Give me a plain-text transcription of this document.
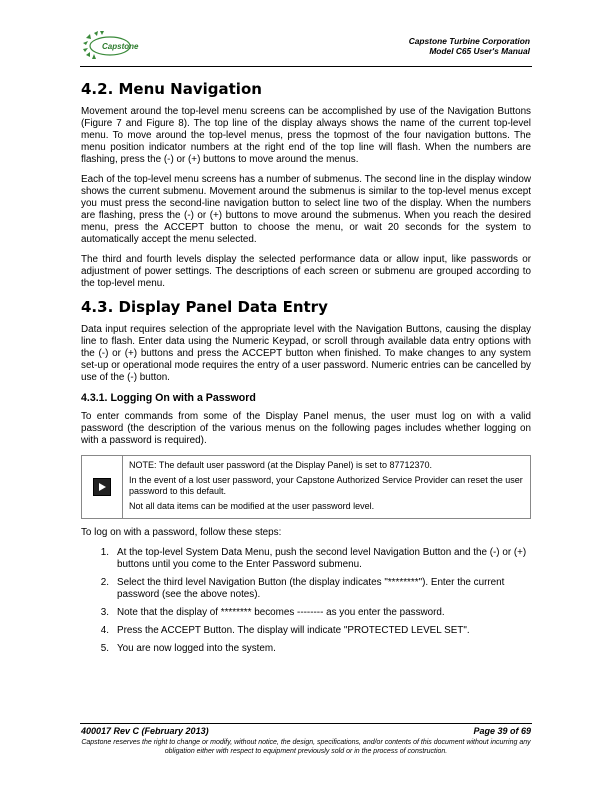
Capstone
Capstone Turbine Corporation
Model C65 User's Manual
4.2. Menu Navigation

Movement around the top-level menu screens can be accomplished by use of the Navigation Buttons (Figure 7 and Figure 8). The top line of the display always shows the name of the current top-level menu. To move around the top-level menus, press the topmost of the four navigation buttons. The menu position indicator numbers at the right end of the top line will flash. When the numbers are flashing, press the (-) or (+) buttons to move around the menus.

Each of the top-level menu screens has a number of submenus. The second line in the display window shows the current submenu. Movement around the submenus is similar to the top-level menus except you must press the second-line navigation button to select line two of the display. When the numbers are flashing, press the (-) or (+) buttons to move around the submenus. When you reach the desired menu, press the ACCEPT button to choose the menu, or wait 20 seconds for the system to automatically accept the menu selected.

The third and fourth levels display the selected performance data or allow input, like passwords or adjustment of power settings. The descriptions of each screen or submenu are grouped according to the top-level menu.

4.3. Display Panel Data Entry

Data input requires selection of the appropriate level with the Navigation Buttons, causing the display line to flash. Enter data using the Numeric Keypad, or scroll through available data entry options with the (-) or (+) buttons and press the ACCEPT button when finished. To make changes to any system set-up or operational mode requires the entry of a user password. Numeric entries can be cancelled by use of the (-) button.

4.3.1. Logging On with a Password

To enter commands from some of the Display Panel menus, the user must log on with a valid password (the description of the various menus on the following pages includes whether logging on with a password is required).

NOTE: The default user password (at the Display Panel) is set to 87712370.
In the event of a lost user password, your Capstone Authorized Service Provider can reset the user password to this default.
Not all data items can be modified at the user password level.

To log on with a password, follow these steps:

1. At the top-level System Data Menu, push the second level Navigation Button and the (-) or (+) buttons until you come to the Enter Password submenu.
2. Select the third level Navigation Button (the display indicates "********"). Enter the current password (see the above notes).
3. Note that the display of ******** becomes -------- as you enter the password.
4. Press the ACCEPT Button. The display will indicate "PROTECTED LEVEL SET".
5. You are now logged into the system.
400017 Rev C (February 2013)	Page 39 of 69
Capstone reserves the right to change or modify, without notice, the design, specifications, and/or contents of this document without incurring any obligation either with respect to equipment previously sold or in the process of construction.
